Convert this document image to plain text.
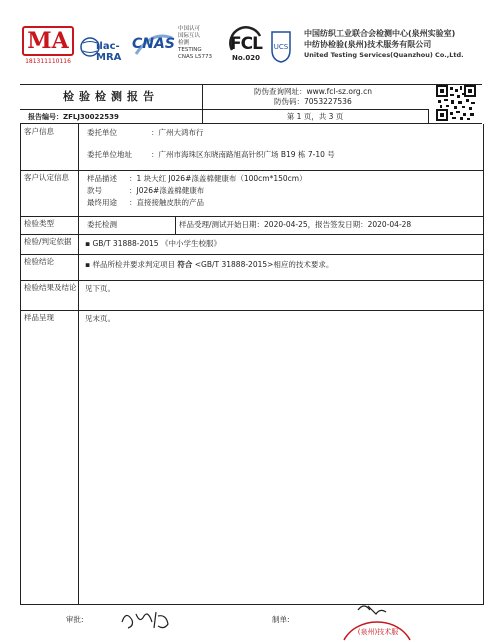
MA
181311110116
ilac-MRA
CNAS
中国认可
国际互认
检测
TESTING
CNAS L5773
FCL
No.020
UCS
中国纺织工业联合会检测中心(泉州实验室)
中纺协检验(泉州)技术服务有限公司
United Testing Services(Quanzhou) Co.,Ltd.
检验检测报告
报告编号：ZFLJ30022539
防伪查询网址：www.fcl-sz.org.cn
防伪码：7053227536
第 1 页，共 3 页
客户信息	委托单位	：广州大鸿布行
委托单位地址	：广州市海珠区东晓南路旭高针织广场 B19 栋 7-10 号
客户认定信息	样品描述 ：1 块大红 J026#涤盖棉健康布（100cm*150cm）
款号	：J026#涤盖棉健康布
最终用途 ：直接接触皮肤的产品
检验类型	委托检测	样品受理/测试开始日期：2020-04-25，报告签发日期：2020-04-28
检验/判定依据	▪ GB/T 31888-2015 《中小学生校服》
检验结论	▪ 样品所检并要求判定项目 符合 <GB/T 31888-2015>相应的技术要求。
检验结果及结论	见下页。
样品呈现	见末页。
审批:	制单:
(泉州)技术服
